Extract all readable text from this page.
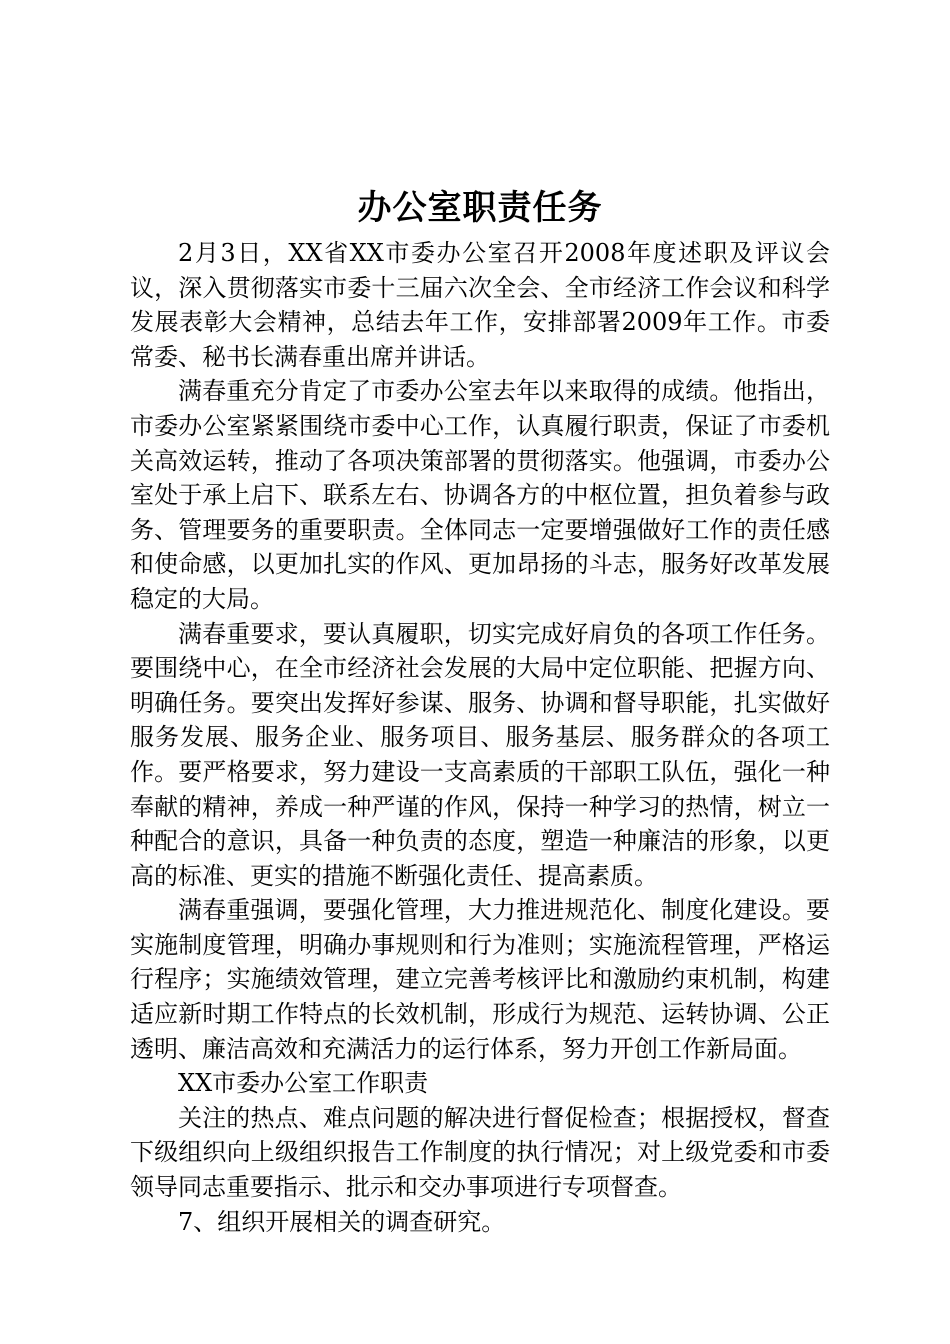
办公室职责任务

2月3日，XX省XX市委办公室召开2008年度述职及评议会议，深入贯彻落实市委十三届六次全会、全市经济工作会议和科学发展表彰大会精神，总结去年工作，安排部署2009年工作。市委常委、秘书长满春重出席并讲话。

满春重充分肯定了市委办公室去年以来取得的成绩。他指出，市委办公室紧紧围绕市委中心工作，认真履行职责，保证了市委机关高效运转，推动了各项决策部署的贯彻落实。他强调，市委办公室处于承上启下、联系左右、协调各方的中枢位置，担负着参与政务、管理要务的重要职责。全体同志一定要增强做好工作的责任感和使命感，以更加扎实的作风、更加昂扬的斗志，服务好改革发展稳定的大局。

满春重要求，要认真履职，切实完成好肩负的各项工作任务。要围绕中心，在全市经济社会发展的大局中定位职能、把握方向、明确任务。要突出发挥好参谋、服务、协调和督导职能，扎实做好服务发展、服务企业、服务项目、服务基层、服务群众的各项工作。要严格要求，努力建设一支高素质的干部职工队伍，强化一种奉献的精神，养成一种严谨的作风，保持一种学习的热情，树立一种配合的意识，具备一种负责的态度，塑造一种廉洁的形象，以更高的标准、更实的措施不断强化责任、提高素质。

满春重强调，要强化管理，大力推进规范化、制度化建设。要实施制度管理，明确办事规则和行为准则；实施流程管理，严格运行程序；实施绩效管理，建立完善考核评比和激励约束机制，构建适应新时期工作特点的长效机制，形成行为规范、运转协调、公正透明、廉洁高效和充满活力的运行体系，努力开创工作新局面。

XX市委办公室工作职责

关注的热点、难点问题的解决进行督促检查；根据授权，督查下级组织向上级组织报告工作制度的执行情况；对上级党委和市委领导同志重要指示、批示和交办事项进行专项督查。

7、组织开展相关的调查研究。
